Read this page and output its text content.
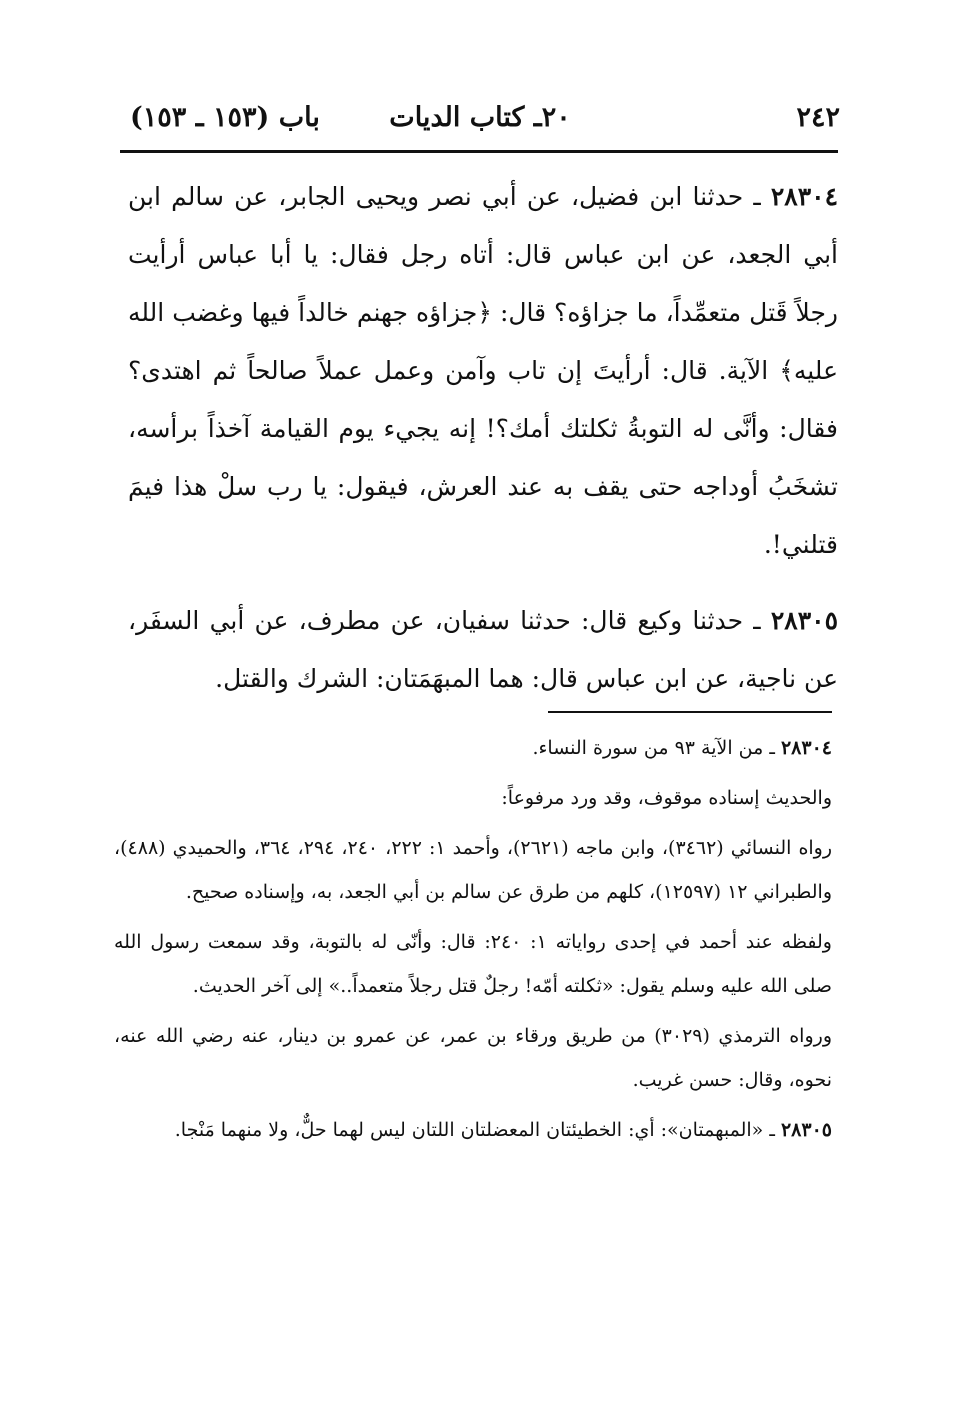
٢٤٢
٢٠ـ كتاب الديات
باب (١٥٣ ـ ١٥٣)

٢٨٣٠٤ ـ حدثنا ابن فضيل، عن أبي نصر ويحيى الجابر، عن سالم ابن أبي الجعد، عن ابن عباس قال: أتاه رجل فقال: يا أبا عباس أرأيت رجلاً قَتل متعمِّداً، ما جزاؤه؟ قال: ﴿جزاؤه جهنم خالداً فيها وغضب الله عليه﴾ الآية. قال: أرأيتَ إن تاب وآمن وعمل عملاً صالحاً ثم اهتدى؟ فقال: وأنَّى له التوبةُ ثكلتك أمك؟! إنه يجيء يوم القيامة آخذاً برأسه، تشخَبُ أوداجه حتى يقف به عند العرش، فيقول: يا رب سلْ هذا فيمَ قتلني!.

٢٨٣٠٥ ـ حدثنا وكيع قال: حدثنا سفيان، عن مطرف، عن أبي السفَر، عن ناجية، عن ابن عباس قال: هما المبهَمَتان: الشرك والقتل.

٢٨٣٠٤ ـ من الآية ٩٣ من سورة النساء.

والحديث إسناده موقوف، وقد ورد مرفوعاً:

رواه النسائي (٣٤٦٢)، وابن ماجه (٢٦٢١)، وأحمد ١: ٢٢٢، ٢٤٠، ٢٩٤، ٣٦٤، والحميدي (٤٨٨)، والطبراني ١٢ (١٢٥٩٧)، كلهم من طرق عن سالم بن أبي الجعد، به، وإسناده صحيح.

ولفظه عند أحمد في إحدى رواياته ١: ٢٤٠: قال: وأنّى له بالتوبة، وقد سمعت رسول الله صلى الله عليه وسلم يقول: «ثكلته أمّه! رجلٌ قتل رجلاً متعمداً..» إلى آخر الحديث.

ورواه الترمذي (٣٠٢٩) من طريق ورقاء بن عمر، عن عمرو بن دينار، عنه رضي الله عنه، نحوه، وقال: حسن غريب.

٢٨٣٠٥ ـ «المبهمتان»: أي: الخطيئتان المعضلتان اللتان ليس لهما حلٌّ، ولا منهما مَنْجا.
